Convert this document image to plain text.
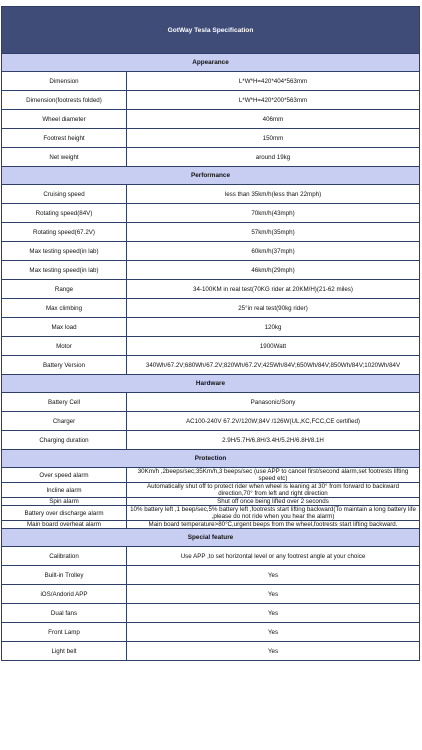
GotWay Tesla Specification	
Appearance	
Dimension	L*W*H=420*404*563mm
Dimension(footrests folded)	L*W*H=420*200*563mm
Wheel diameter	406mm
Footrest height	150mm
Net weight	around 19kg
Performance	
Cruising speed	less than 35km/h(less than 22mph)
Rotating speed(84V)	70km/h(43mph)
Rotating speed(67.2V)	57km/h(35mph)
Max testing speed(in lab)	60km/h(37mph)
Max testing speed(in lab)	46km/h(29mph)
Range	34-100KM in real test(70KG rider at 20KM/H)(21-62 miles)
Max climbing	25°in real test(90kg rider)
Max load	120kg
Motor	1900Watt
Battery Version	340Wh/67.2V;680Wh/67.2V;820Wh/67.2V;425Wh/84V;650Wh/84V;850Wh/84V;1020Wh/84V
Hardware	
Battery Cell	Panasonic/Sony
Charger	AC100-240V 67.2V/120W;84V /126W(UL,KC,FCC,CE certified)
Charging duration	2.9H/5.7H/6.8H/3.4H/5.2H/6.8H/8.1H
Protection	
Over speed alarm	30Km/h ,2beeps/sec;35Km/h,3 beeps/sec (use APP to cancel first/second alarm,set footrests lifting speed etc)
Incline alarm	Automatically shut off to protect rider when wheel is leaning at 30° from forward to backward direction,70° from left and right direction
Spin alarm	Shut off once being lifted over 2 seconds
Battery over discharge alarm	10% battery left ,1 beep/sec,5% battery left ,footrests start lifting backward(To maintain a long battery life ,please do not ride when you hear the alarm)
Main board overheat alarm	Main board temperature>80°C,urgent beeps from the wheel,footrests start lifting backward.
Special feature	
Calibration	Use APP ,to set horizontal level or any footrest angle at your choice
Built-in Trolley	Yes
iOS/Andorid APP	Yes
Dual fans	Yes
Front Lamp	Yes
Light belt	Yes
